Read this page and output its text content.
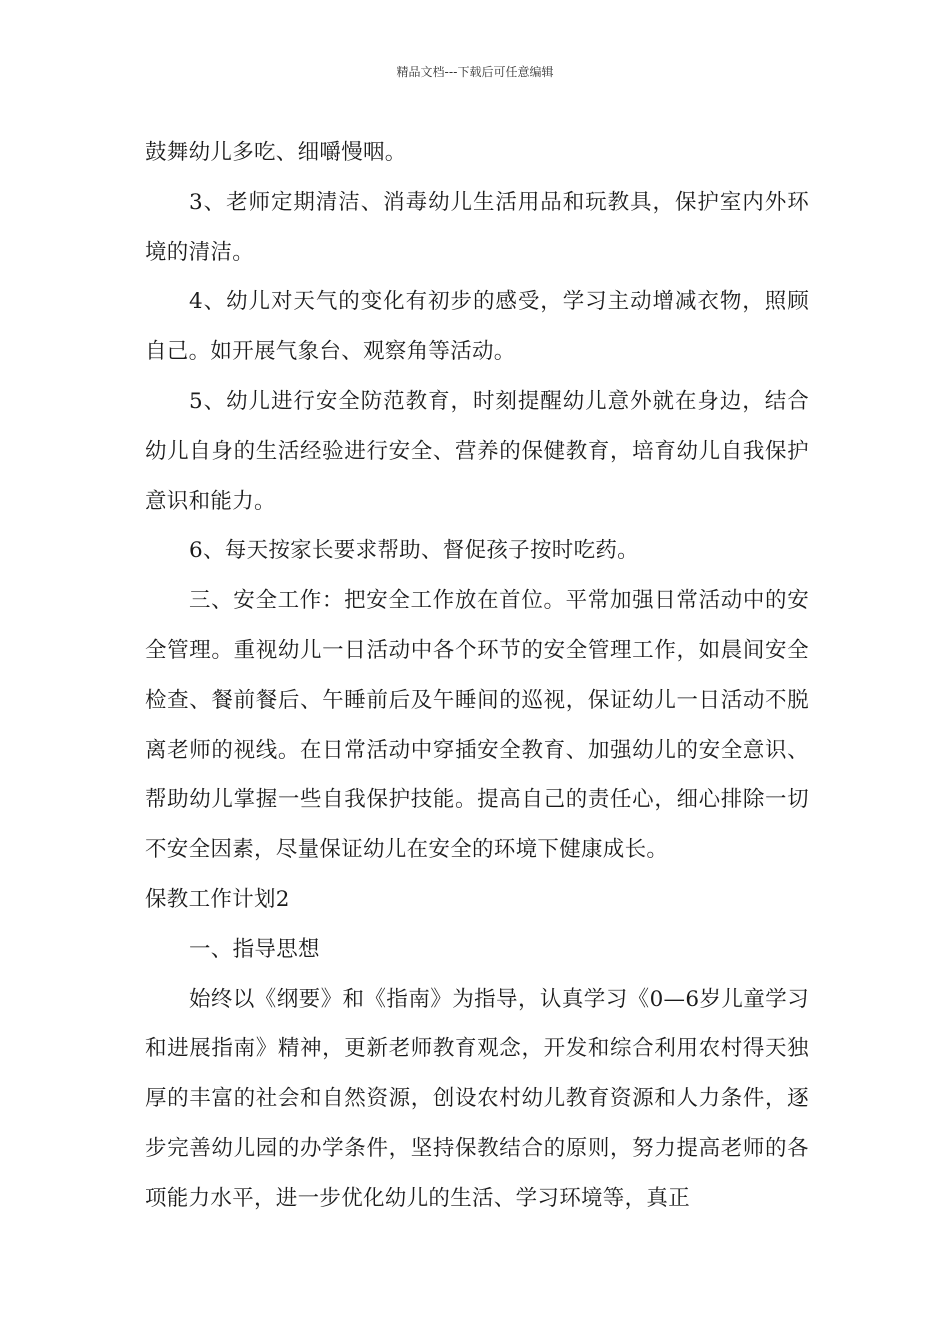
精品文档---下载后可任意编辑

鼓舞幼儿多吃、细嚼慢咽。

3、老师定期清洁、消毒幼儿生活用品和玩教具，保护室内外环境的清洁。

4、幼儿对天气的变化有初步的感受，学习主动增减衣物，照顾自己。如开展气象台、观察角等活动。

5、幼儿进行安全防范教育，时刻提醒幼儿意外就在身边，结合幼儿自身的生活经验进行安全、营养的保健教育，培育幼儿自我保护意识和能力。

6、每天按家长要求帮助、督促孩子按时吃药。

三、安全工作：把安全工作放在首位。平常加强日常活动中的安全管理。重视幼儿一日活动中各个环节的安全管理工作，如晨间安全检查、餐前餐后、午睡前后及午睡间的巡视，保证幼儿一日活动不脱离老师的视线。在日常活动中穿插安全教育、加强幼儿的安全意识、帮助幼儿掌握一些自我保护技能。提高自己的责任心，细心排除一切不安全因素，尽量保证幼儿在安全的环境下健康成长。

保教工作计划2

一、指导思想

始终以《纲要》和《指南》为指导，认真学习《0—6岁儿童学习和进展指南》精神，更新老师教育观念，开发和综合利用农村得天独厚的丰富的社会和自然资源，创设农村幼儿教育资源和人力条件，逐步完善幼儿园的办学条件，坚持保教结合的原则，努力提高老师的各项能力水平，进一步优化幼儿的生活、学习环境等，真正
